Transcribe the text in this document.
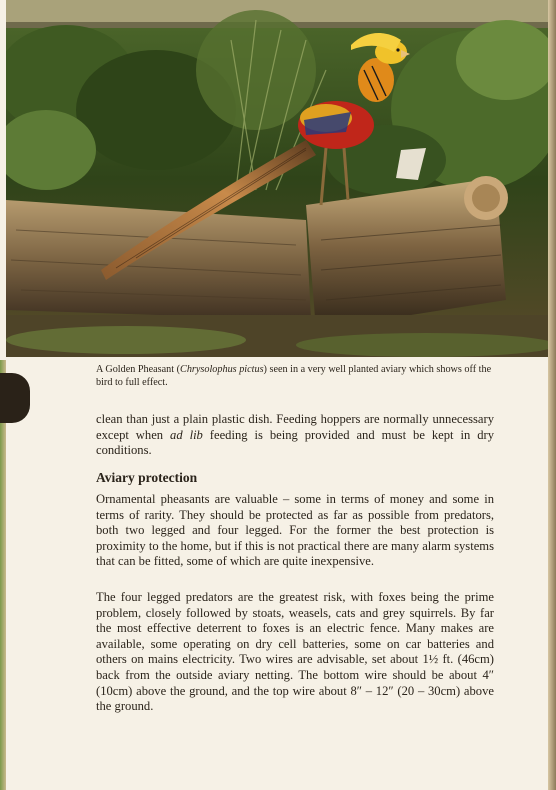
A Golden Pheasant (Chrysolophus pictus) seen in a very well planted aviary which shows off the bird to full effect.

clean than just a plain plastic dish. Feeding hoppers are normally unnecessary except when ad lib feeding is being provided and must be kept in dry conditions.

Aviary protection

Ornamental pheasants are valuable – some in terms of money and some in terms of rarity. They should be protected as far as possible from predators, both two legged and four legged. For the former the best protection is proximity to the home, but if this is not practical there are many alarm systems that can be fitted, some of which are quite inexpensive.

The four legged predators are the greatest risk, with foxes being the prime problem, closely followed by stoats, weasels, cats and grey squirrels. By far the most effective deterrent to foxes is an electric fence. Many makes are available, some operating on dry cell batteries, some on car batteries and others on mains electricity. Two wires are advisable, set about 1½ ft. (46cm) back from the outside aviary netting. The bottom wire should be about 4″ (10cm) above the ground, and the top wire about 8″ – 12″ (20 – 30cm) above the ground.
